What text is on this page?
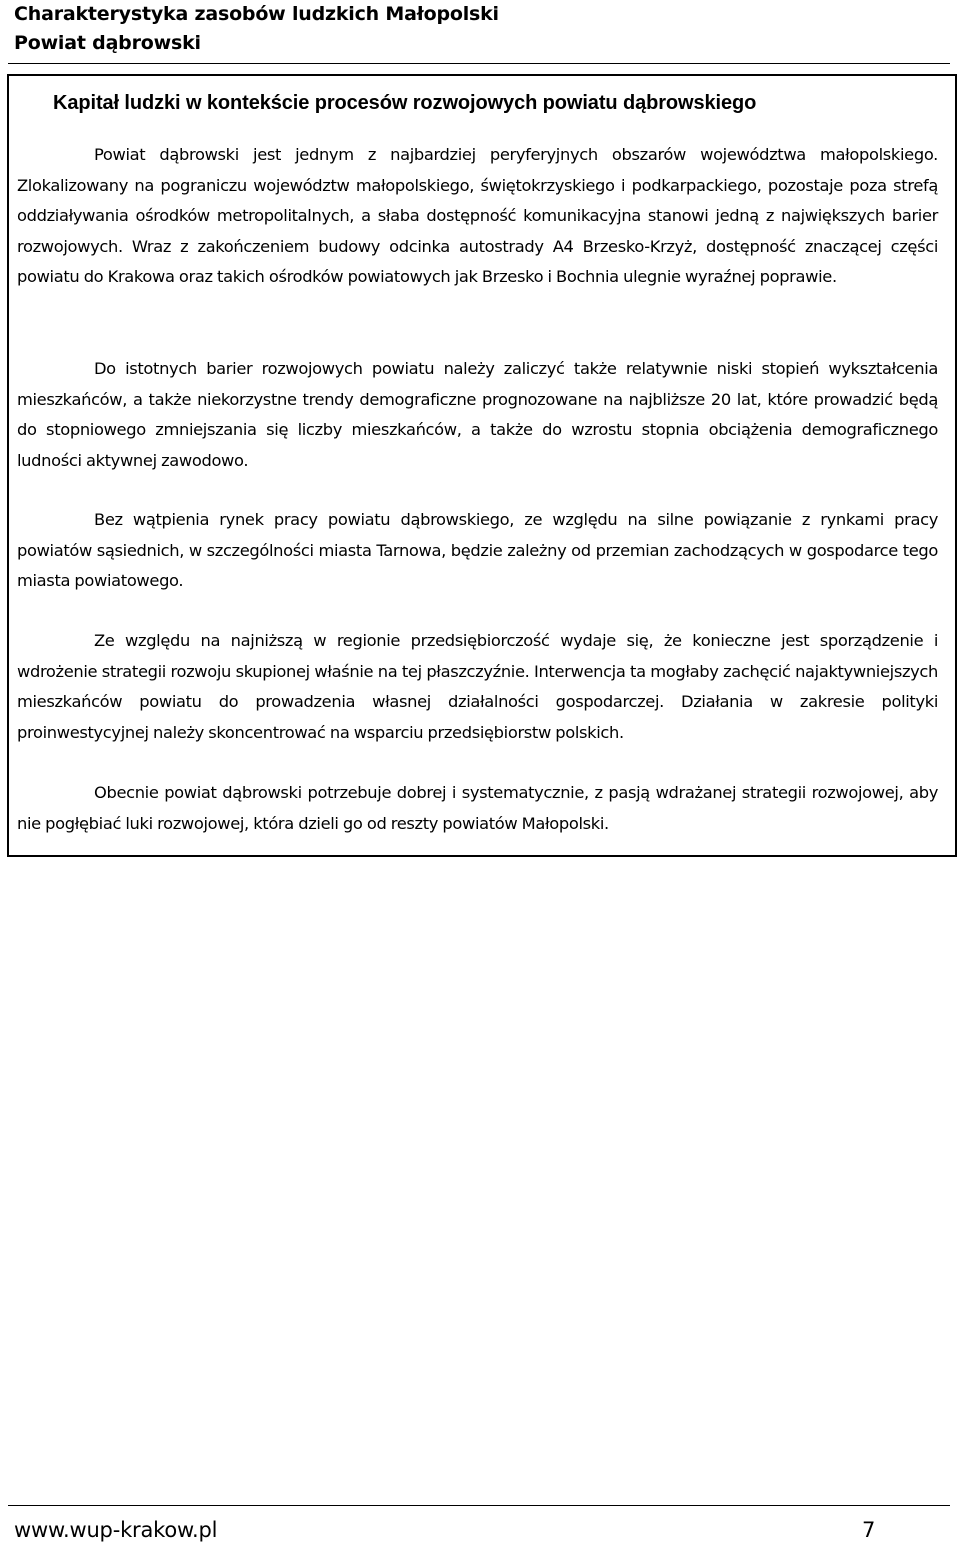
Charakterystyka zasobów ludzkich Małopolski
Powiat dąbrowski
Kapitał ludzki w kontekście procesów rozwojowych powiatu dąbrowskiego

Powiat dąbrowski jest jednym z najbardziej peryferyjnych obszarów województwa małopolskiego. Zlokalizowany na pograniczu województw małopolskiego, świętokrzyskiego i podkarpackiego, pozostaje poza strefą oddziaływania ośrodków metropolitalnych, a słaba dostępność komunikacyjna stanowi jedną z największych barier rozwojowych. Wraz z zakończeniem budowy odcinka autostrady A4 Brzesko-Krzyż, dostępność znaczącej części powiatu do Krakowa oraz takich ośrodków powiatowych jak Brzesko i Bochnia ulegnie wyraźnej poprawie.

Do istotnych barier rozwojowych powiatu należy zaliczyć także relatywnie niski stopień wykształcenia mieszkańców, a także niekorzystne trendy demograficzne prognozowane na najbliższe 20 lat, które prowadzić będą do stopniowego zmniejszania się liczby mieszkańców, a także do wzrostu stopnia obciążenia demograficznego ludności aktywnej zawodowo.

Bez wątpienia rynek pracy powiatu dąbrowskiego, ze względu na silne powiązanie z rynkami pracy powiatów sąsiednich, w szczególności miasta Tarnowa, będzie zależny od przemian zachodzących w gospodarce tego miasta powiatowego.

Ze względu na najniższą w regionie przedsiębiorczość wydaje się, że konieczne jest sporządzenie i wdrożenie strategii rozwoju skupionej właśnie na tej płaszczyźnie. Interwencja ta mogłaby zachęcić najaktywniejszych mieszkańców powiatu do prowadzenia własnej działalności gospodarczej. Działania w zakresie polityki proinwestycyjnej należy skoncentrować na wsparciu przedsiębiorstw polskich.

Obecnie powiat dąbrowski potrzebuje dobrej i systematycznie, z pasją wdrażanej strategii rozwojowej, aby nie pogłębiać luki rozwojowej, która dzieli go od reszty powiatów Małopolski.

www.wup-krakow.pl	7
